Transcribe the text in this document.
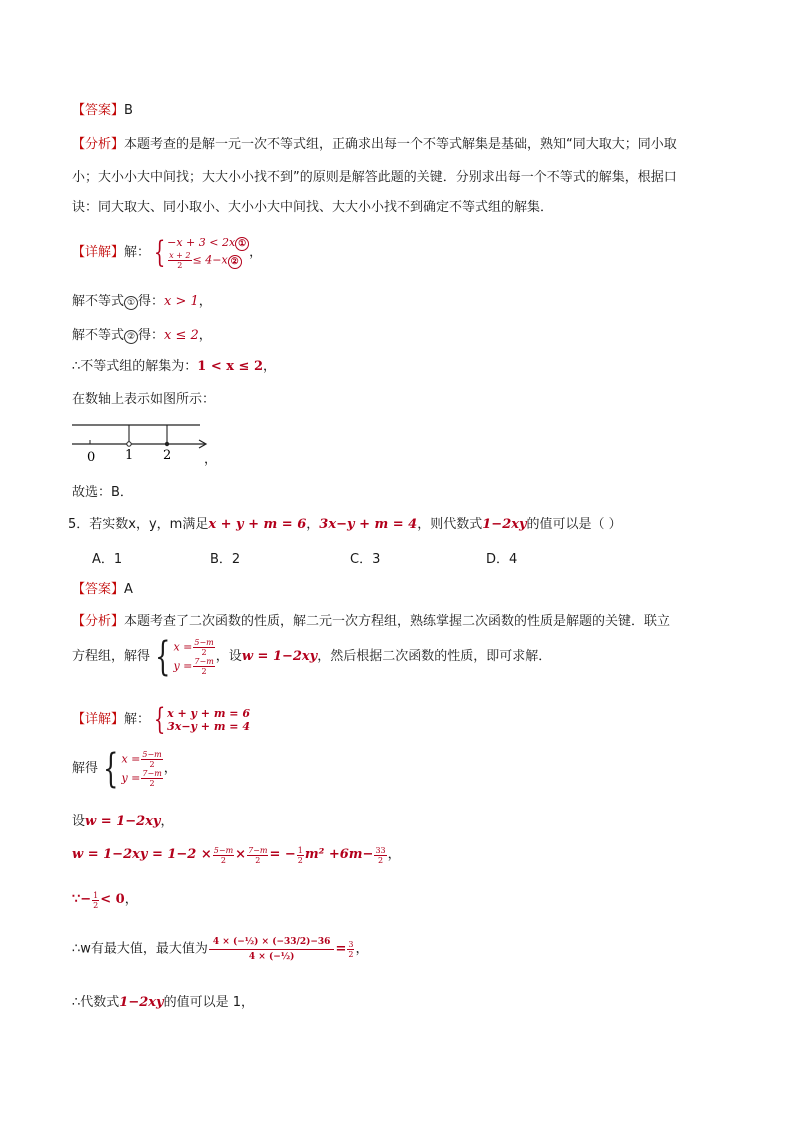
【答案】B
【分析】本题考查的是解一元一次不等式组，正确求出每一个不等式解集是基础，熟知“同大取大；同小取
小；大小小大中间找；大大小小找不到”的原则是解答此题的关键．分别求出每一个不等式的解集，根据口
诀：同大取大、同小取小、大小小大中间找、大大小小找不到确定不等式组的解集．
【详解】解： { −x + 3 < 2x ①
$\frac{x + 2}{2} \le 4-x$ ②
，
解不等式 ① 得：x > 1，
解不等式 ② 得：x ≤ 2，
∴不等式组的解集为：1 < x ≤ 2，
在数轴上表示如图所示：
0 1 2	，
故选：B．
5．若实数x，y，m满足x + y + m = 6，3x−y + m = 4，则代数式1−2xy的值可以是（ ）
A．1	B．2	C．3	D．4
【答案】A
【分析】本题考查了二次函数的性质，解二元一次方程组，熟练掌握二次函数的性质是解题的关键．联立
方程组，解得 { $x = \frac{5-m}{2}$
$y = \frac{7-m}{2}$
，设w = 1−2xy，然后根据二次函数的性质，即可求解．
【详解】解： { x + y + m = 6
3x−y + m = 4
解得 { $x = \frac{5-m}{2}$
$y = \frac{7-m}{2}$
，
设w = 1−2xy，
$w = 1-2xy = 1-2 \times \frac{5-m}{2} \times \frac{7-m}{2}$ = − $\frac{1}{2} m^2 +6m- \frac{33}{2}$ ，
∵− $\frac{1}{2} < 0$，
∴w有最大值，最大值为 $\frac{\text{4 × (−½) × (−33/2)−36}}{\text{4 × (−½)}} = \frac{3}{2}$ ，
∴代数式1−2xy的值可以是 1，
